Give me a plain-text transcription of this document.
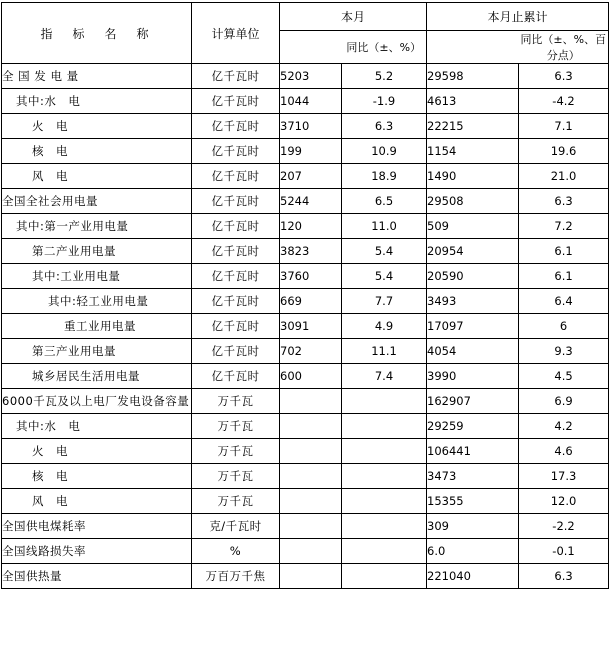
指　标　名　称	计算单位	本月		本月止累计	
			同比（±、%）		同比（±、%、百分点）
全 国 发 电 量	亿千瓦时	5203	5.2	29598	6.3
其中:水　电	亿千瓦时	1044	-1.9	4613	-4.2
火　电	亿千瓦时	3710	6.3	22215	7.1
核　电	亿千瓦时	199	10.9	1154	19.6
风　电	亿千瓦时	207	18.9	1490	21.0
全国全社会用电量	亿千瓦时	5244	6.5	29508	6.3
其中:第一产业用电量	亿千瓦时	120	11.0	509	7.2
第二产业用电量	亿千瓦时	3823	5.4	20954	6.1
其中:工业用电量	亿千瓦时	3760	5.4	20590	6.1
其中:轻工业用电量	亿千瓦时	669	7.7	3493	6.4
重工业用电量	亿千瓦时	3091	4.9	17097	6
第三产业用电量	亿千瓦时	702	11.1	4054	9.3
城乡居民生活用电量	亿千瓦时	600	7.4	3990	4.5
6000千瓦及以上电厂发电设备容量	万千瓦			162907	6.9
其中:水　电	万千瓦			29259	4.2
火　电	万千瓦			106441	4.6
核　电	万千瓦			3473	17.3
风　电	万千瓦			15355	12.0
全国供电煤耗率	克/千瓦时			309	-2.2
全国线路损失率	%			6.0	-0.1
全国供热量	万百万千焦			221040	6.3
